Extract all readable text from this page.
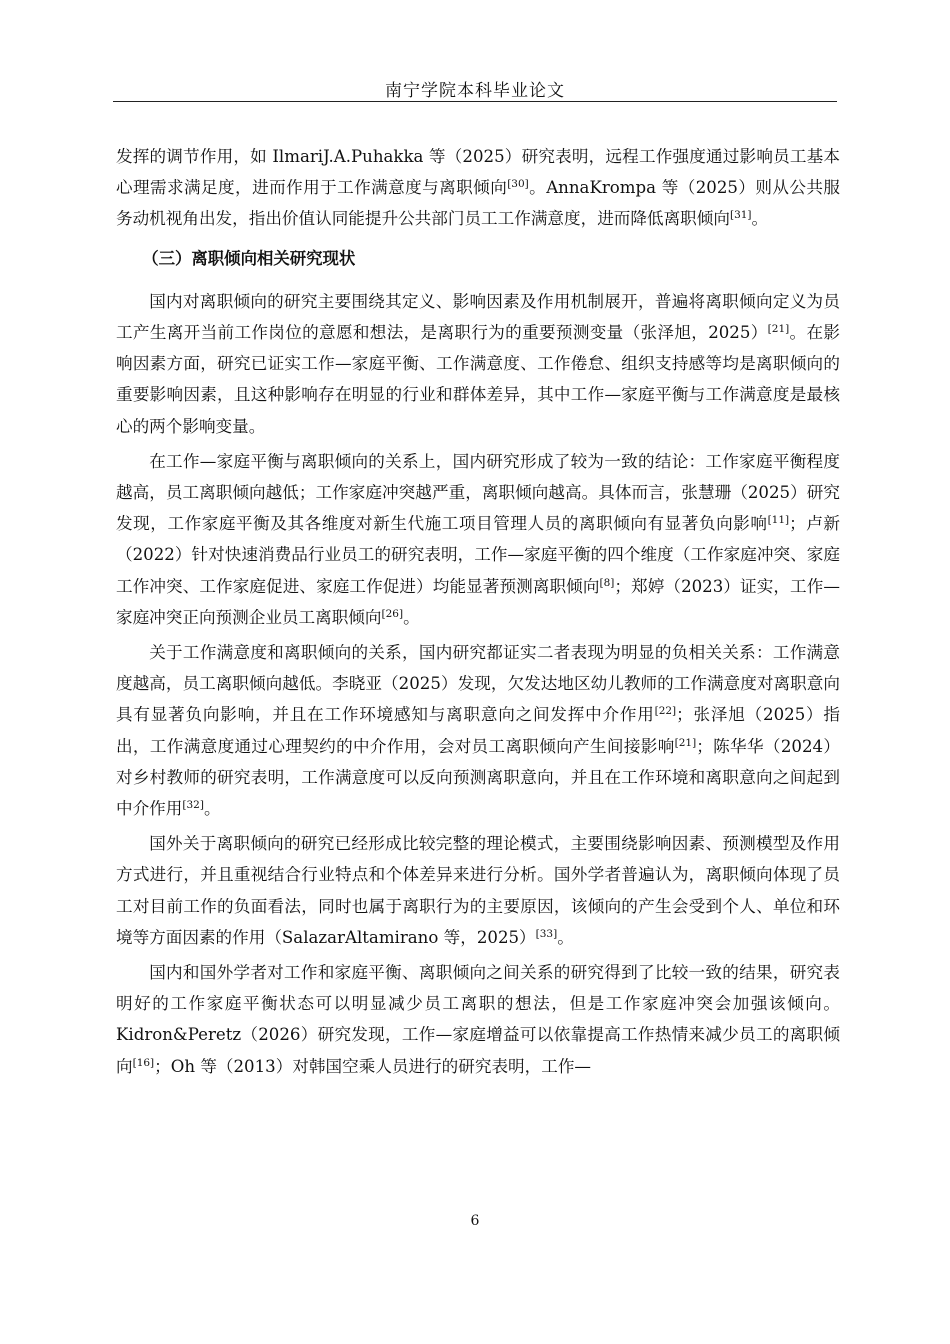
南宁学院本科毕业论文

发挥的调节作用，如 IlmariJ.A.Puhakka 等（2025）研究表明，远程工作强度通过影响员工基本心理需求满足度，进而作用于工作满意度与离职倾向[30]。AnnaKrompa 等（2025）则从公共服务动机视角出发，指出价值认同能提升公共部门员工工作满意度，进而降低离职倾向[31]。

（三）离职倾向相关研究现状

国内对离职倾向的研究主要围绕其定义、影响因素及作用机制展开，普遍将离职倾向定义为员工产生离开当前工作岗位的意愿和想法，是离职行为的重要预测变量（张泽旭，2025）[21]。在影响因素方面，研究已证实工作—家庭平衡、工作满意度、工作倦怠、组织支持感等均是离职倾向的重要影响因素，且这种影响存在明显的行业和群体差异，其中工作—家庭平衡与工作满意度是最核心的两个影响变量。

在工作—家庭平衡与离职倾向的关系上，国内研究形成了较为一致的结论：工作家庭平衡程度越高，员工离职倾向越低；工作家庭冲突越严重，离职倾向越高。具体而言，张慧珊（2025）研究发现，工作家庭平衡及其各维度对新生代施工项目管理人员的离职倾向有显著负向影响[11]；卢新（2022）针对快速消费品行业员工的研究表明，工作—家庭平衡的四个维度（工作家庭冲突、家庭工作冲突、工作家庭促进、家庭工作促进）均能显著预测离职倾向[8]；郑婷（2023）证实，工作—家庭冲突正向预测企业员工离职倾向[26]。

关于工作满意度和离职倾向的关系，国内研究都证实二者表现为明显的负相关关系：工作满意度越高，员工离职倾向越低。李晓亚（2025）发现，欠发达地区幼儿教师的工作满意度对离职意向具有显著负向影响，并且在工作环境感知与离职意向之间发挥中介作用[22]；张泽旭（2025）指出，工作满意度通过心理契约的中介作用，会对员工离职倾向产生间接影响[21]；陈华华（2024）对乡村教师的研究表明，工作满意度可以反向预测离职意向，并且在工作环境和离职意向之间起到中介作用[32]。

国外关于离职倾向的研究已经形成比较完整的理论模式，主要围绕影响因素、预测模型及作用方式进行，并且重视结合行业特点和个体差异来进行分析。国外学者普遍认为，离职倾向体现了员工对目前工作的负面看法，同时也属于离职行为的主要原因，该倾向的产生会受到个人、单位和环境等方面因素的作用（SalazarAltamirano 等，2025）[33]。

国内和国外学者对工作和家庭平衡、离职倾向之间关系的研究得到了比较一致的结果，研究表明好的工作家庭平衡状态可以明显减少员工离职的想法，但是工作家庭冲突会加强该倾向。Kidron&Peretz（2026）研究发现，工作—家庭增益可以依靠提高工作热情来减少员工的离职倾向[16]；Oh 等（2013）对韩国空乘人员进行的研究表明，工作—

6
